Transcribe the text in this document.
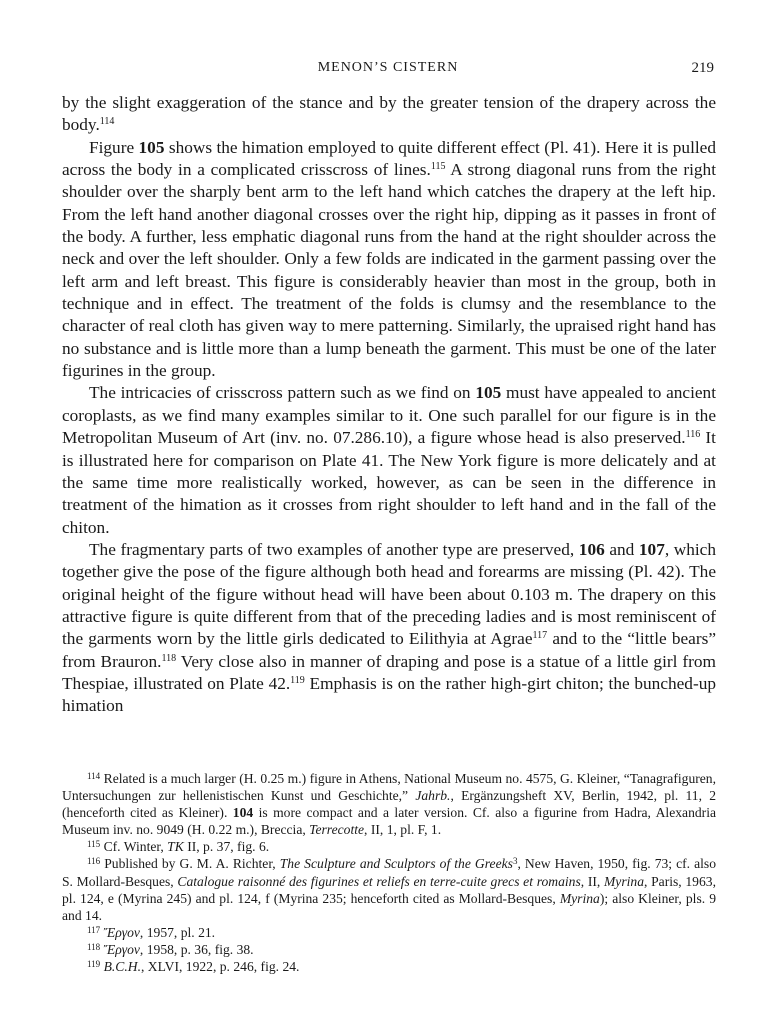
MENON’S CISTERN	219

by the slight exaggeration of the stance and by the greater tension of the drapery across the body.$^{114}$

Figure 105 shows the himation employed to quite different effect (Pl. 41). Here it is pulled across the body in a complicated crisscross of lines.$^{115}$ A strong diagonal runs from the right shoulder over the sharply bent arm to the left hand which catches the drapery at the left hip. From the left hand another diagonal crosses over the right hip, dipping as it passes in front of the body. A further, less emphatic diagonal runs from the hand at the right shoulder across the neck and over the left shoulder. Only a few folds are indicated in the garment passing over the left arm and left breast. This figure is considerably heavier than most in the group, both in technique and in effect. The treatment of the folds is clumsy and the resemblance to the character of real cloth has given way to mere patterning. Similarly, the upraised right hand has no substance and is little more than a lump beneath the garment. This must be one of the later figurines in the group.

The intricacies of crisscross pattern such as we find on 105 must have appealed to ancient coroplasts, as we find many examples similar to it. One such parallel for our figure is in the Metropolitan Museum of Art (inv. no. 07.286.10), a figure whose head is also preserved.$^{116}$ It is illustrated here for comparison on Plate 41. The New York figure is more delicately and at the same time more realistically worked, however, as can be seen in the difference in treatment of the himation as it crosses from right shoulder to left hand and in the fall of the chiton.

The fragmentary parts of two examples of another type are preserved, 106 and 107, which together give the pose of the figure although both head and forearms are missing (Pl. 42). The original height of the figure without head will have been about 0.103 m. The drapery on this attractive figure is quite different from that of the preceding ladies and is most reminiscent of the garments worn by the little girls dedicated to Eilithyia at Agrae$^{117}$ and to the “little bears” from Brauron.$^{118}$ Very close also in manner of draping and pose is a statue of a little girl from Thespiae, illustrated on Plate 42.$^{119}$ Emphasis is on the rather high-girt chiton; the bunched-up himation

$^{114}$ Related is a much larger (H. 0.25 m.) figure in Athens, National Museum no. 4575, G. Kleiner, “Tanagrafiguren, Untersuchungen zur hellenistischen Kunst und Geschichte,” Jahrb., Ergänzungsheft XV, Berlin, 1942, pl. 11, 2 (henceforth cited as Kleiner). 104 is more compact and a later version. Cf. also a figurine from Hadra, Alexandria Museum inv. no. 9049 (H. 0.22 m.), Breccia, Terrecotte, II, 1, pl. F, 1.

$^{115}$ Cf. Winter, TK II, p. 37, fig. 6.

$^{116}$ Published by G. M. A. Richter, The Sculpture and Sculptors of the Greeks$^3$, New Haven, 1950, fig. 73; cf. also S. Mollard-Besques, Catalogue raisonné des figurines et reliefs en terre-cuite grecs et romains, II, Myrina, Paris, 1963, pl. 124, e (Myrina 245) and pl. 124, f (Myrina 235; henceforth cited as Mollard-Besques, Myrina); also Kleiner, pls. 9 and 14.

$^{117}$ Ἔργον, 1957, pl. 21.

$^{118}$ Ἔργον, 1958, p. 36, fig. 38.

$^{119}$ B.C.H., XLVI, 1922, p. 246, fig. 24.
